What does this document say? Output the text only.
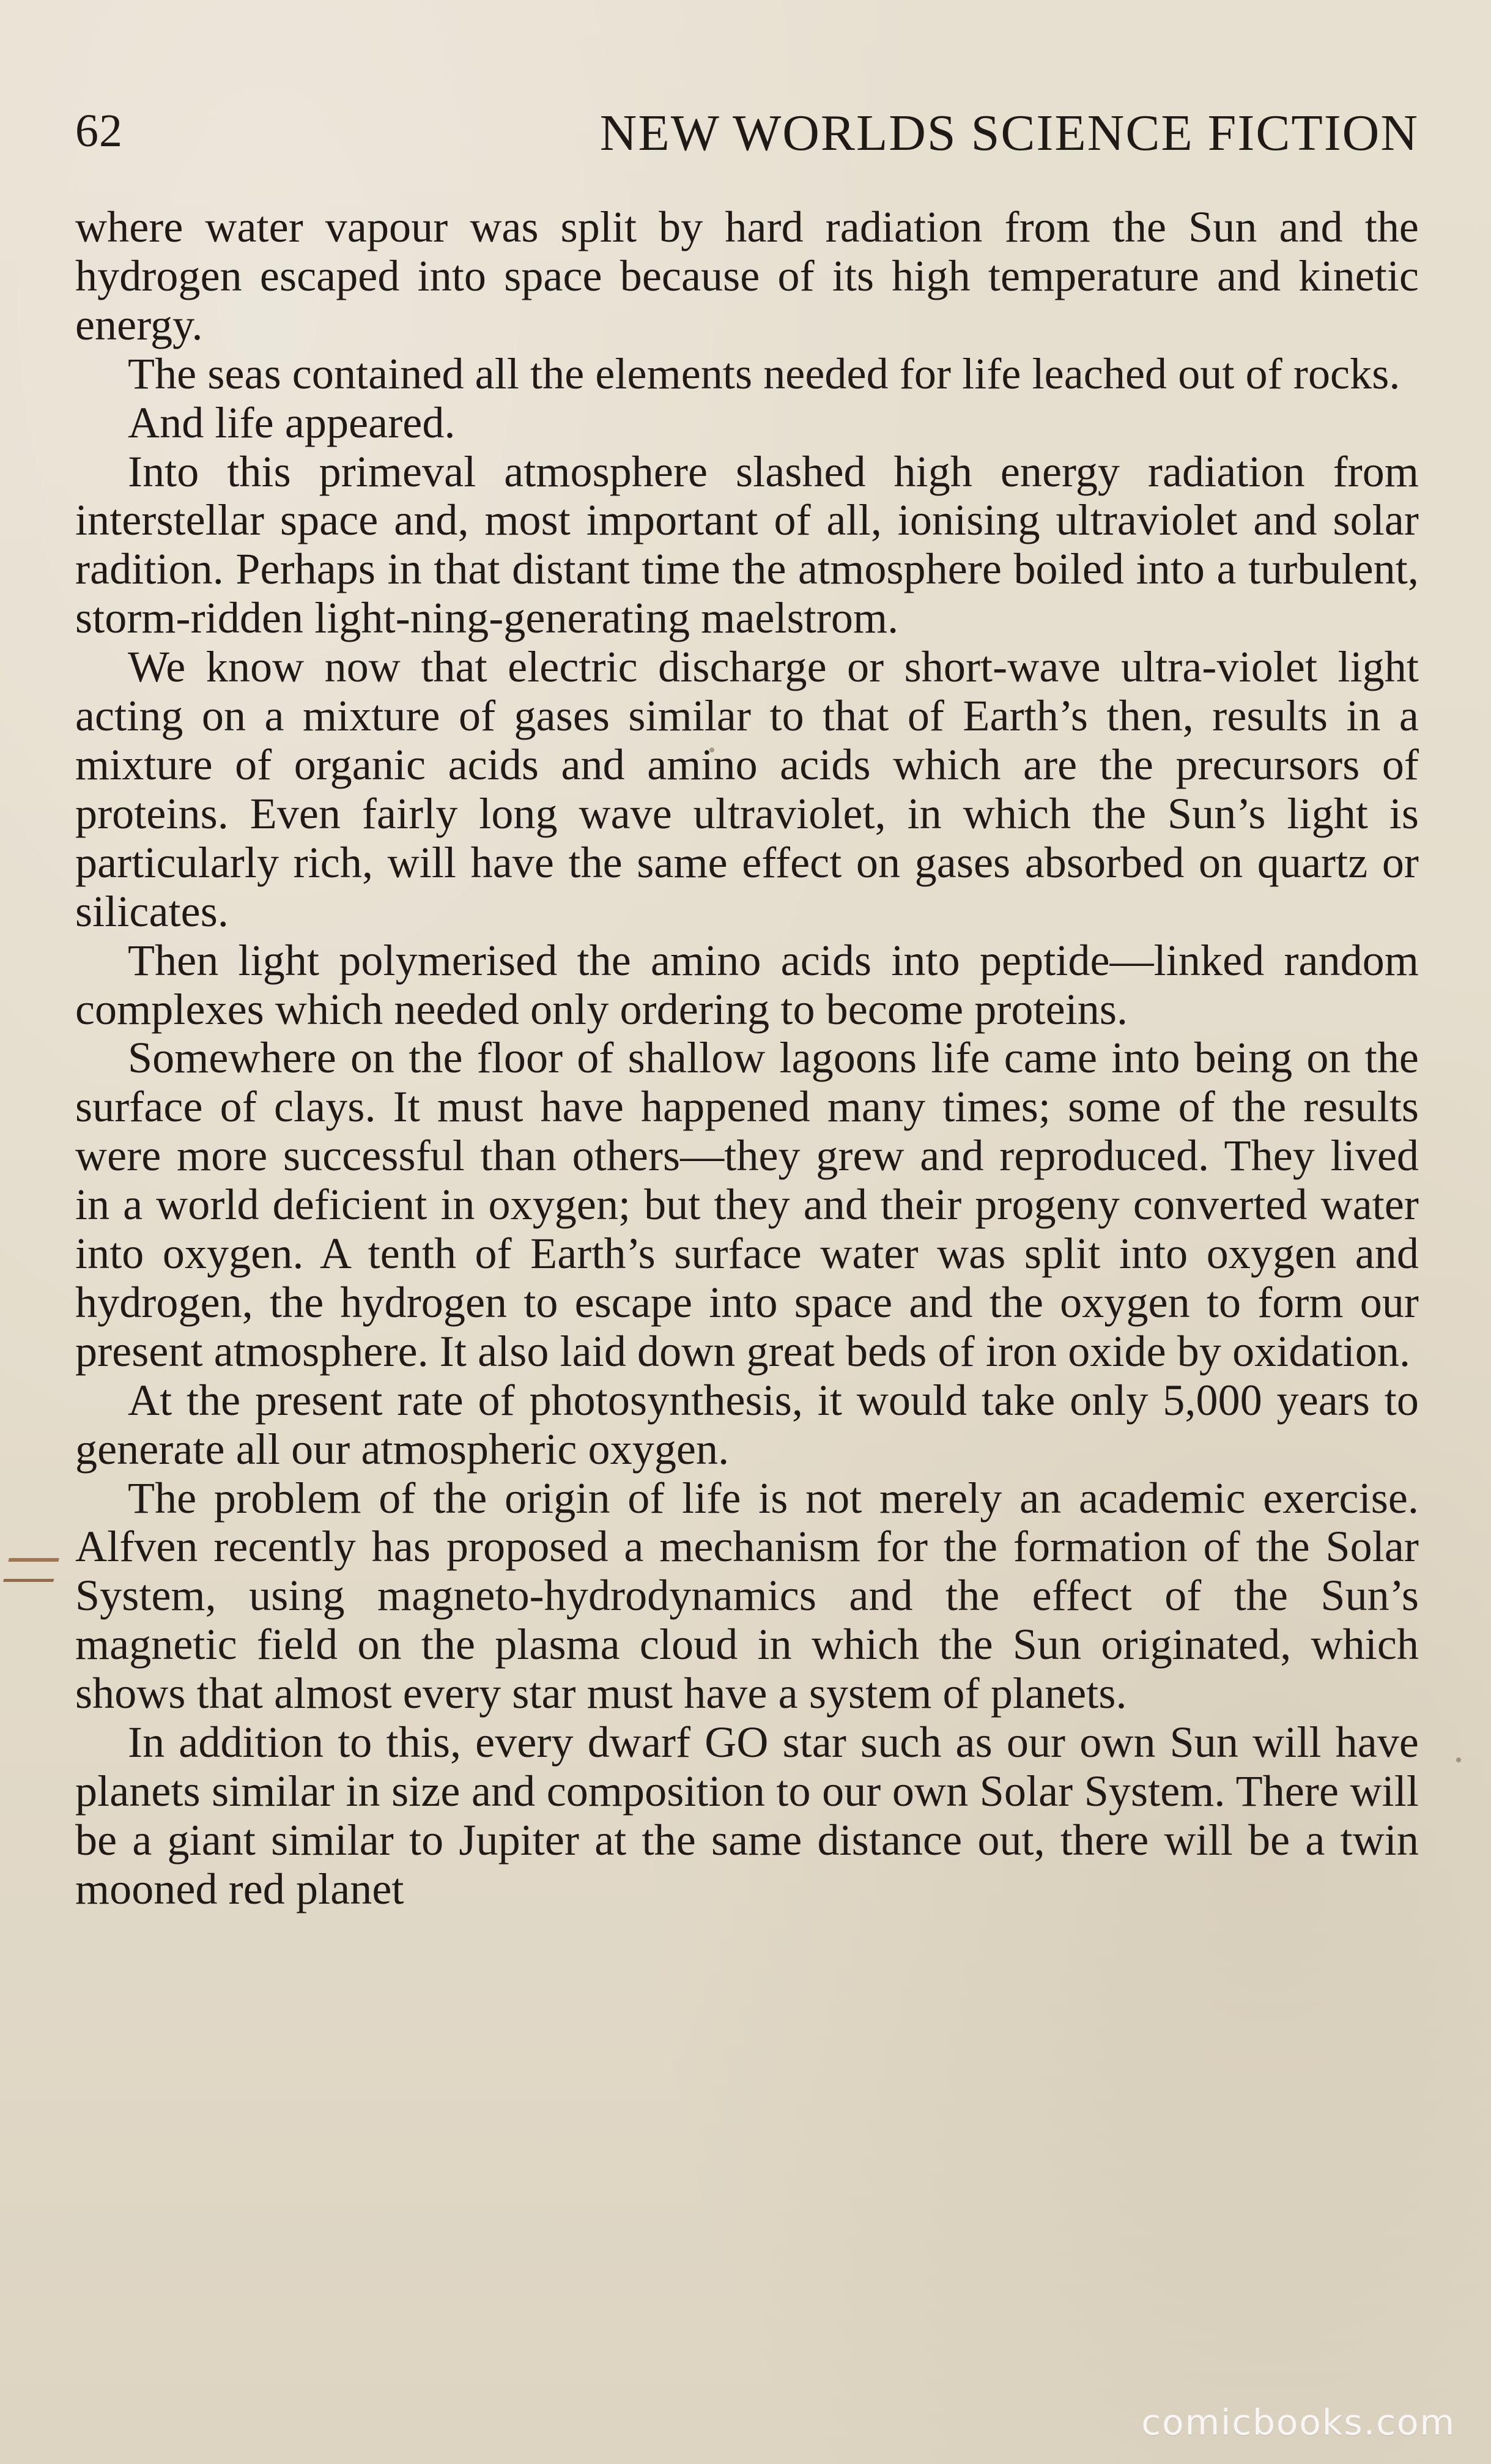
62	NEW WORLDS SCIENCE FICTION

where water vapour was split by hard radiation from the Sun and the hydrogen escaped into space because of its high temperature and kinetic energy.

The seas contained all the elements needed for life leached out of rocks.

And life appeared.

Into this primeval atmosphere slashed high energy radiation from interstellar space and, most important of all, ionising ultraviolet and solar radition. Perhaps in that distant time the atmosphere boiled into a turbulent, storm-ridden light-ning-generating maelstrom.

We know now that electric discharge or short-wave ultra-violet light acting on a mixture of gases similar to that of Earth’s then, results in a mixture of organic acids and amino acids which are the precursors of proteins. Even fairly long wave ultraviolet, in which the Sun’s light is particularly rich, will have the same effect on gases absorbed on quartz or silicates.

Then light polymerised the amino acids into peptide—linked random complexes which needed only ordering to become proteins.

Somewhere on the floor of shallow lagoons life came into being on the surface of clays. It must have happened many times; some of the results were more successful than others—they grew and reproduced. They lived in a world deficient in oxygen; but they and their progeny converted water into oxygen. A tenth of Earth’s surface water was split into oxygen and hydrogen, the hydrogen to escape into space and the oxygen to form our present atmosphere. It also laid down great beds of iron oxide by oxidation.

At the present rate of photosynthesis, it would take only 5,000 years to generate all our atmospheric oxygen.

The problem of the origin of life is not merely an academic exercise. Alfven recently has proposed a mechanism for the formation of the Solar System, using magneto-hydrodynamics and the effect of the Sun’s magnetic field on the plasma cloud in which the Sun originated, which shows that almost every star must have a system of planets.

In addition to this, every dwarf GO star such as our own Sun will have planets similar in size and composition to our own Solar System. There will be a giant similar to Jupiter at the same distance out, there will be a twin mooned red planet

comicbooks.com
